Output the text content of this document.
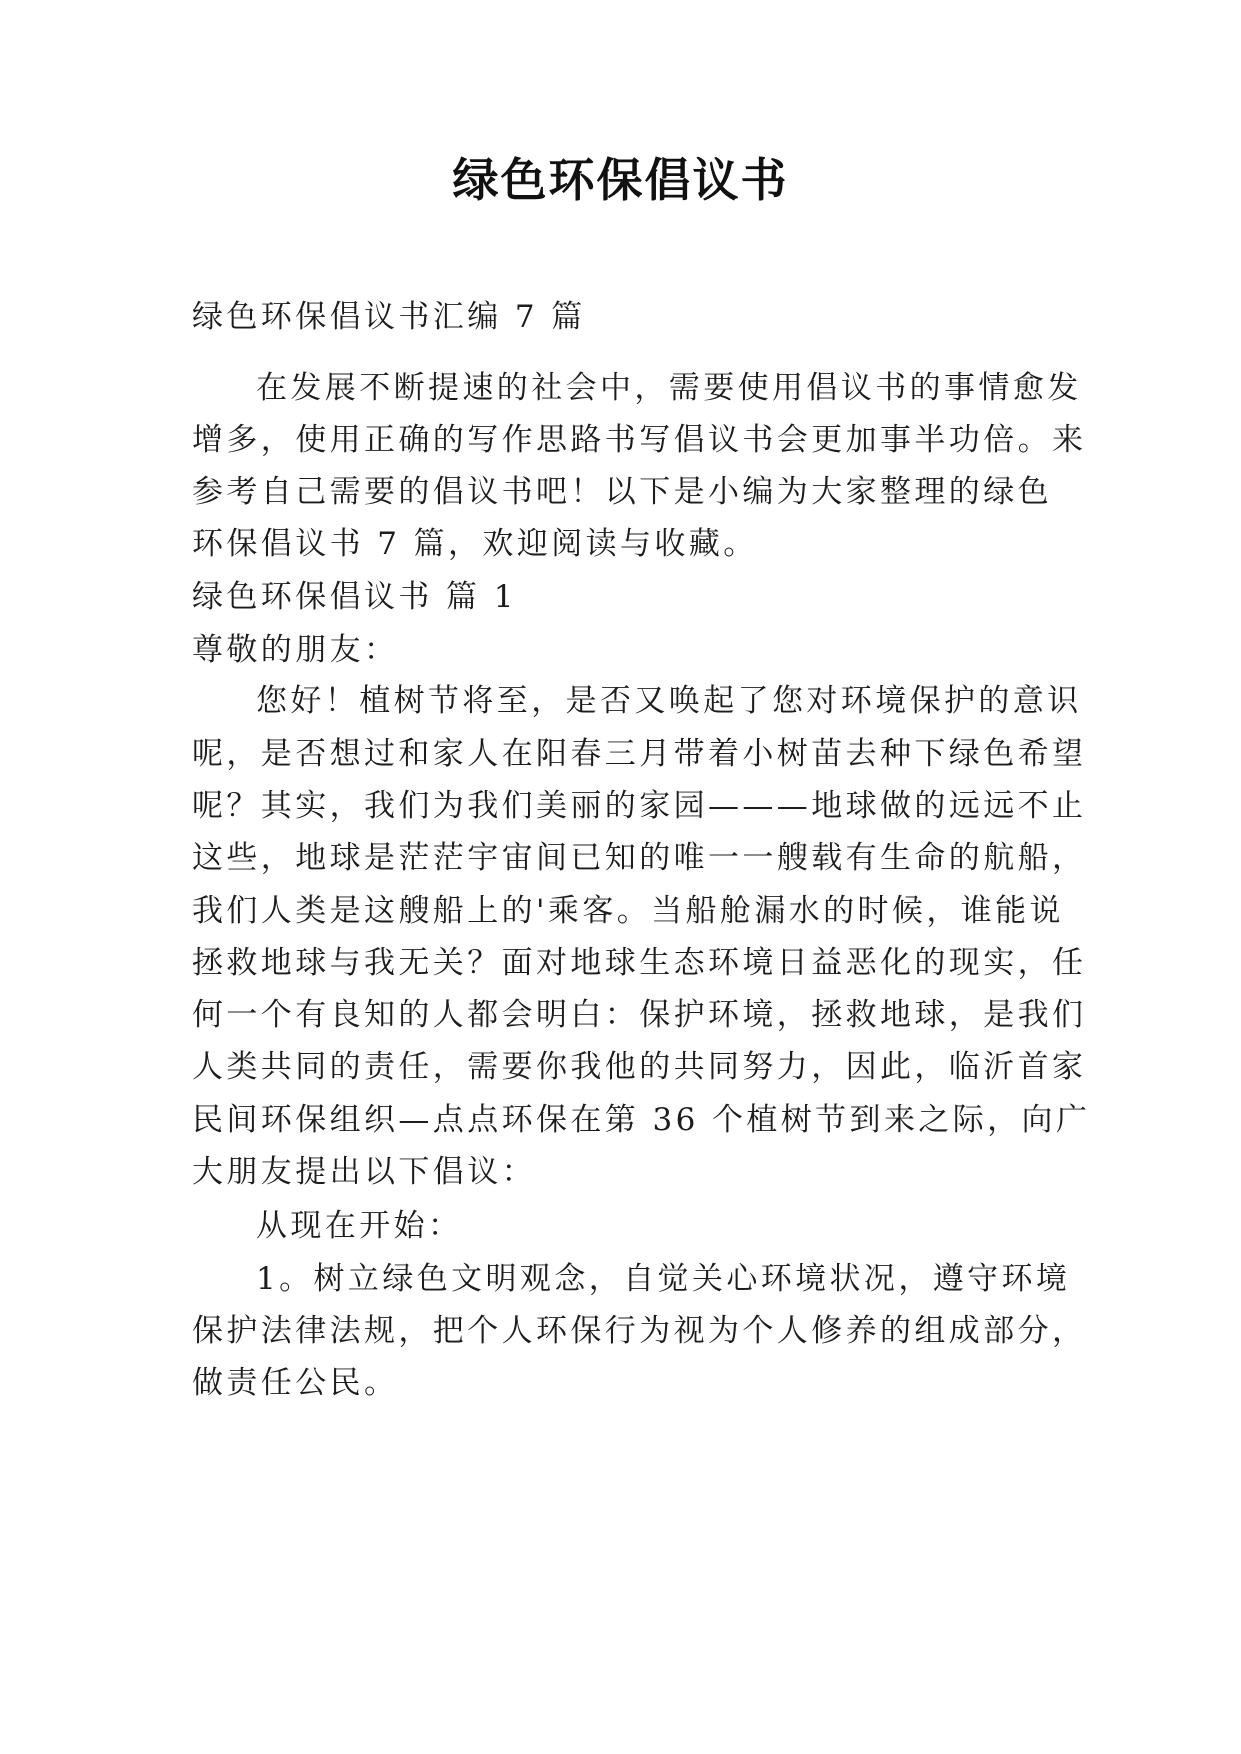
绿色环保倡议书
绿色环保倡议书汇编 7 篇
在发展不断提速的社会中，需要使用倡议书的事情愈发
增多，使用正确的写作思路书写倡议书会更加事半功倍。来
参考自己需要的倡议书吧！以下是小编为大家整理的绿色
环保倡议书 7 篇，欢迎阅读与收藏。
绿色环保倡议书 篇 1
尊敬的朋友：
您好！植树节将至，是否又唤起了您对环境保护的意识
呢，是否想过和家人在阳春三月带着小树苗去种下绿色希望
呢？其实，我们为我们美丽的家园———地球做的远远不止
这些，地球是茫茫宇宙间已知的唯一一艘载有生命的航船，
我们人类是这艘船上的'乘客。当船舱漏水的时候，谁能说
拯救地球与我无关？面对地球生态环境日益恶化的现实，任
何一个有良知的人都会明白：保护环境，拯救地球，是我们
人类共同的责任，需要你我他的共同努力，因此，临沂首家
民间环保组织—点点环保在第 36 个植树节到来之际，向广
大朋友提出以下倡议：
从现在开始：
1。树立绿色文明观念，自觉关心环境状况，遵守环境
保护法律法规，把个人环保行为视为个人修养的组成部分，
做责任公民。
